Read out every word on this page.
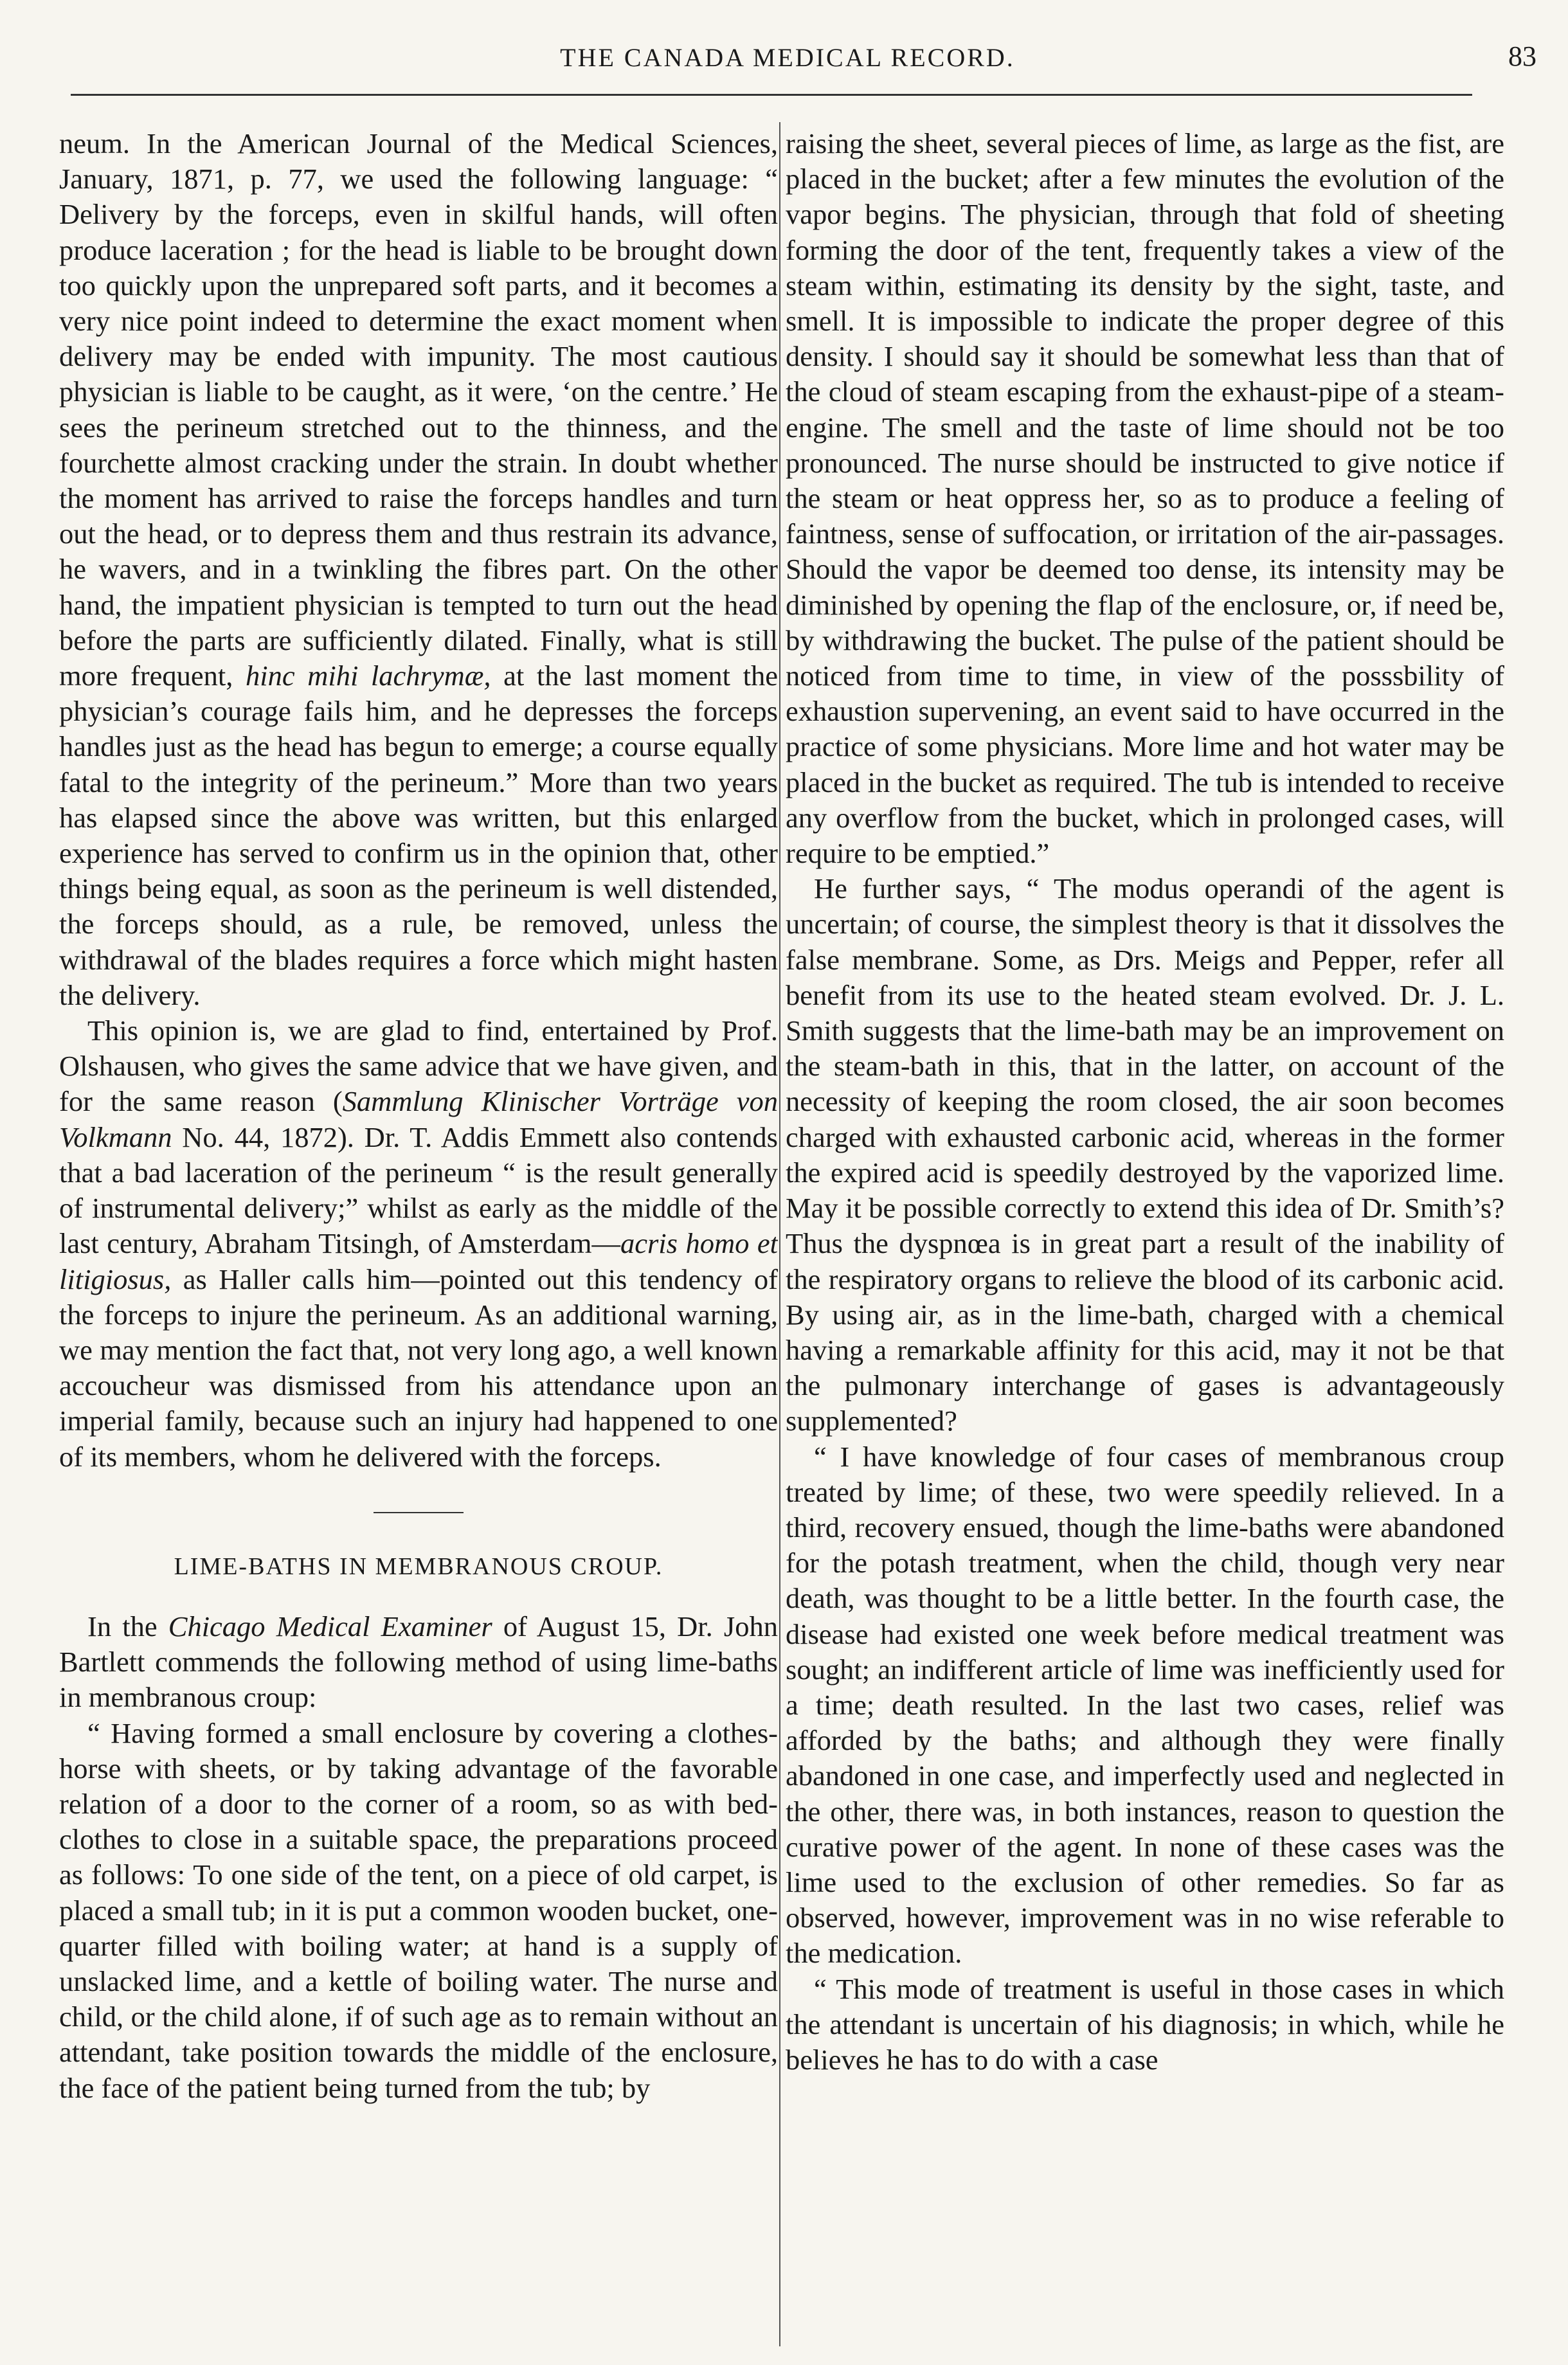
THE CANADA MEDICAL RECORD.	83

neum. In the American Journal of the Medical Sciences, January, 1871, p. 77, we used the following language: “ Delivery by the forceps, even in skilful hands, will often produce laceration ; for the head is liable to be brought down too quickly upon the unprepared soft parts, and it becomes a very nice point indeed to determine the exact moment when delivery may be ended with impunity. The most cautious physician is liable to be caught, as it were, ‘on the centre.’ He sees the perineum stretched out to the thinness, and the fourchette almost cracking under the strain. In doubt whether the moment has arrived to raise the forceps handles and turn out the head, or to depress them and thus restrain its advance, he wavers, and in a twinkling the fibres part. On the other hand, the impatient physician is tempted to turn out the head before the parts are sufficiently dilated. Finally, what is still more frequent, hinc mihi lachrymæ, at the last moment the physician’s courage fails him, and he depresses the forceps handles just as the head has begun to emerge; a course equally fatal to the integrity of the perineum.” More than two years has elapsed since the above was written, but this enlarged experience has served to confirm us in the opinion that, other things being equal, as soon as the perineum is well distended, the forceps should, as a rule, be removed, unless the withdrawal of the blades requires a force which might hasten the delivery.

This opinion is, we are glad to find, entertained by Prof. Olshausen, who gives the same advice that we have given, and for the same reason (Sammlung Klinischer Vorträge von Volkmann No. 44, 1872). Dr. T. Addis Emmett also contends that a bad laceration of the perineum “ is the result generally of instrumental delivery;” whilst as early as the middle of the last century, Abraham Titsingh, of Amsterdam—acris homo et litigiosus, as Haller calls him—pointed out this tendency of the forceps to injure the perineum. As an additional warning, we may mention the fact that, not very long ago, a well known accoucheur was dismissed from his attendance upon an imperial family, because such an injury had happened to one of its members, whom he delivered with the forceps.

LIME-BATHS IN MEMBRANOUS CROUP.

In the Chicago Medical Examiner of August 15, Dr. John Bartlett commends the following method of using lime-baths in membranous croup:

“ Having formed a small enclosure by covering a clothes-horse with sheets, or by taking advantage of the favorable relation of a door to the corner of a room, so as with bed-clothes to close in a suitable space, the preparations proceed as follows: To one side of the tent, on a piece of old carpet, is placed a small tub; in it is put a common wooden bucket, one-quarter filled with boiling water; at hand is a supply of unslacked lime, and a kettle of boiling water. The nurse and child, or the child alone, if of such age as to remain without an attendant, take position towards the middle of the enclosure, the face of the patient being turned from the tub; by

raising the sheet, several pieces of lime, as large as the fist, are placed in the bucket; after a few minutes the evolution of the vapor begins. The physician, through that fold of sheeting forming the door of the tent, frequently takes a view of the steam within, estimating its density by the sight, taste, and smell. It is impossible to indicate the proper degree of this density. I should say it should be somewhat less than that of the cloud of steam escaping from the exhaust-pipe of a steam-engine. The smell and the taste of lime should not be too pronounced. The nurse should be instructed to give notice if the steam or heat oppress her, so as to produce a feeling of faintness, sense of suffocation, or irritation of the air-passages. Should the vapor be deemed too dense, its intensity may be diminished by opening the flap of the enclosure, or, if need be, by withdrawing the bucket. The pulse of the patient should be noticed from time to time, in view of the posssbility of exhaustion supervening, an event said to have occurred in the practice of some physicians. More lime and hot water may be placed in the bucket as required. The tub is intended to receive any overflow from the bucket, which in prolonged cases, will require to be emptied.”

He further says, “ The modus operandi of the agent is uncertain; of course, the simplest theory is that it dissolves the false membrane. Some, as Drs. Meigs and Pepper, refer all benefit from its use to the heated steam evolved. Dr. J. L. Smith suggests that the lime-bath may be an improvement on the steam-bath in this, that in the latter, on account of the necessity of keeping the room closed, the air soon becomes charged with exhausted carbonic acid, whereas in the former the expired acid is speedily destroyed by the vaporized lime. May it be possible correctly to extend this idea of Dr. Smith’s? Thus the dyspnœa is in great part a result of the inability of the respiratory organs to relieve the blood of its carbonic acid. By using air, as in the lime-bath, charged with a chemical having a remarkable affinity for this acid, may it not be that the pulmonary interchange of gases is advantageously supplemented?

“ I have knowledge of four cases of membranous croup treated by lime; of these, two were speedily relieved. In a third, recovery ensued, though the lime-baths were abandoned for the potash treatment, when the child, though very near death, was thought to be a little better. In the fourth case, the disease had existed one week before medical treatment was sought; an indifferent article of lime was inefficiently used for a time; death resulted. In the last two cases, relief was afforded by the baths; and although they were finally abandoned in one case, and imperfectly used and neglected in the other, there was, in both instances, reason to question the curative power of the agent. In none of these cases was the lime used to the exclusion of other remedies. So far as observed, however, improvement was in no wise referable to the medication.

“ This mode of treatment is useful in those cases in which the attendant is uncertain of his diagnosis; in which, while he believes he has to do with a case
